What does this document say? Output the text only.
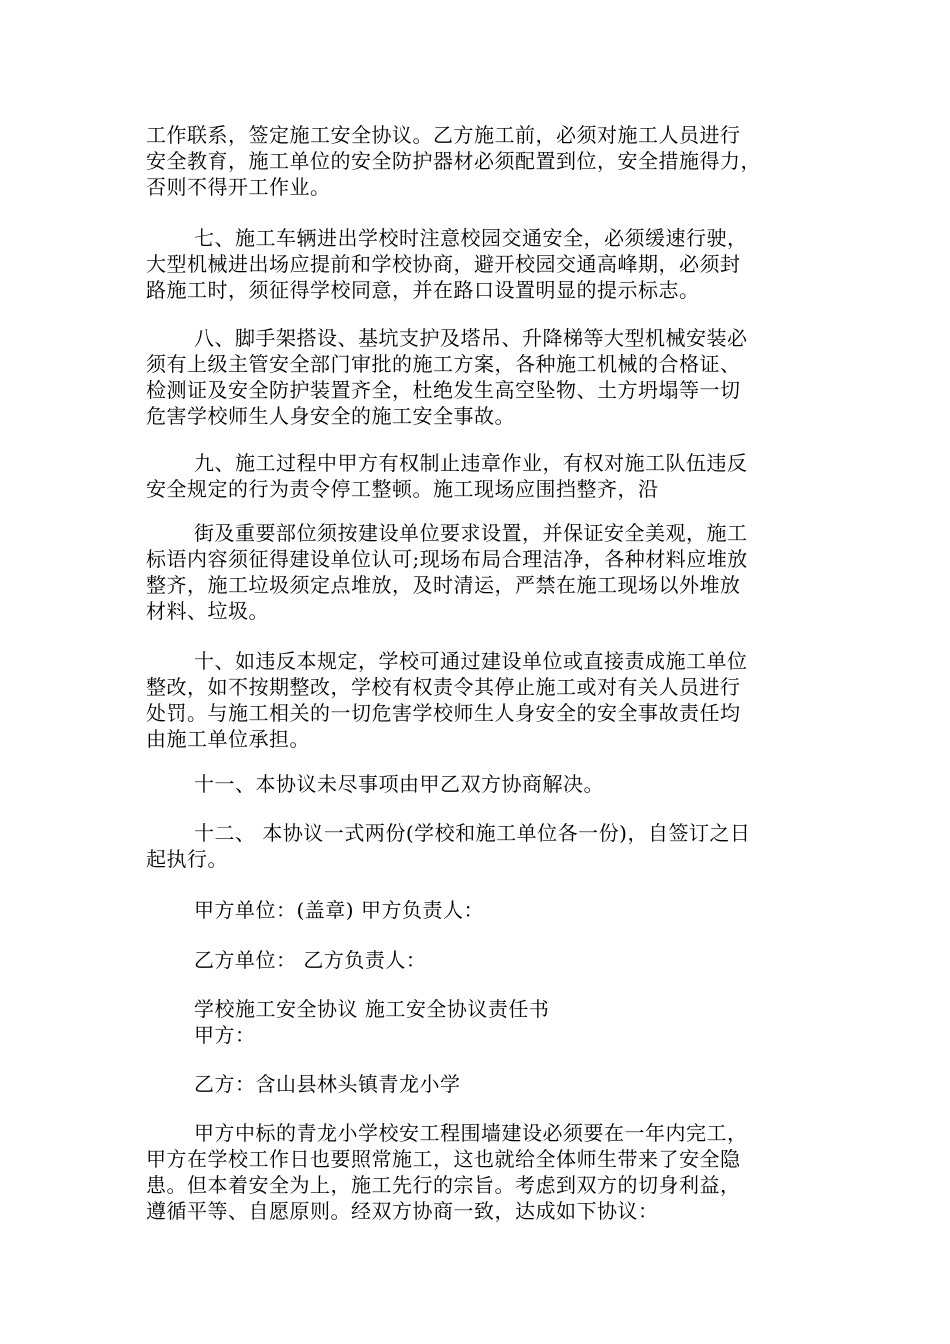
工作联系，签定施工安全协议。乙方施工前，必须对施工人员进行
安全教育，施工单位的安全防护器材必须配置到位，安全措施得力，
否则不得开工作业。
七、施工车辆进出学校时注意校园交通安全，必须缓速行驶，
大型机械进出场应提前和学校协商，避开校园交通高峰期，必须封
路施工时，须征得学校同意，并在路口设置明显的提示标志。
八、脚手架搭设、基坑支护及塔吊、升降梯等大型机械安装必
须有上级主管安全部门审批的施工方案，各种施工机械的合格证、
检测证及安全防护装置齐全，杜绝发生高空坠物、土方坍塌等一切
危害学校师生人身安全的施工安全事故。
九、施工过程中甲方有权制止违章作业，有权对施工队伍违反
安全规定的行为责令停工整顿。施工现场应围挡整齐，沿
街及重要部位须按建设单位要求设置，并保证安全美观，施工
标语内容须征得建设单位认可;现场布局合理洁净，各种材料应堆放
整齐，施工垃圾须定点堆放，及时清运，严禁在施工现场以外堆放
材料、垃圾。
十、如违反本规定，学校可通过建设单位或直接责成施工单位
整改，如不按期整改，学校有权责令其停止施工或对有关人员进行
处罚。与施工相关的一切危害学校师生人身安全的安全事故责任均
由施工单位承担。
十一、本协议未尽事项由甲乙双方协商解决。
十二、 本协议一式两份(学校和施工单位各一份)，自签订之日
起执行。
甲方单位：(盖章) 甲方负责人：
乙方单位： 乙方负责人：
学校施工安全协议 施工安全协议责任书
甲方：
乙方：含山县林头镇青龙小学
甲方中标的青龙小学校安工程围墙建设必须要在一年内完工，
甲方在学校工作日也要照常施工，这也就给全体师生带来了安全隐
患。但本着安全为上，施工先行的宗旨。考虑到双方的切身利益，
遵循平等、自愿原则。经双方协商一致，达成如下协议：
